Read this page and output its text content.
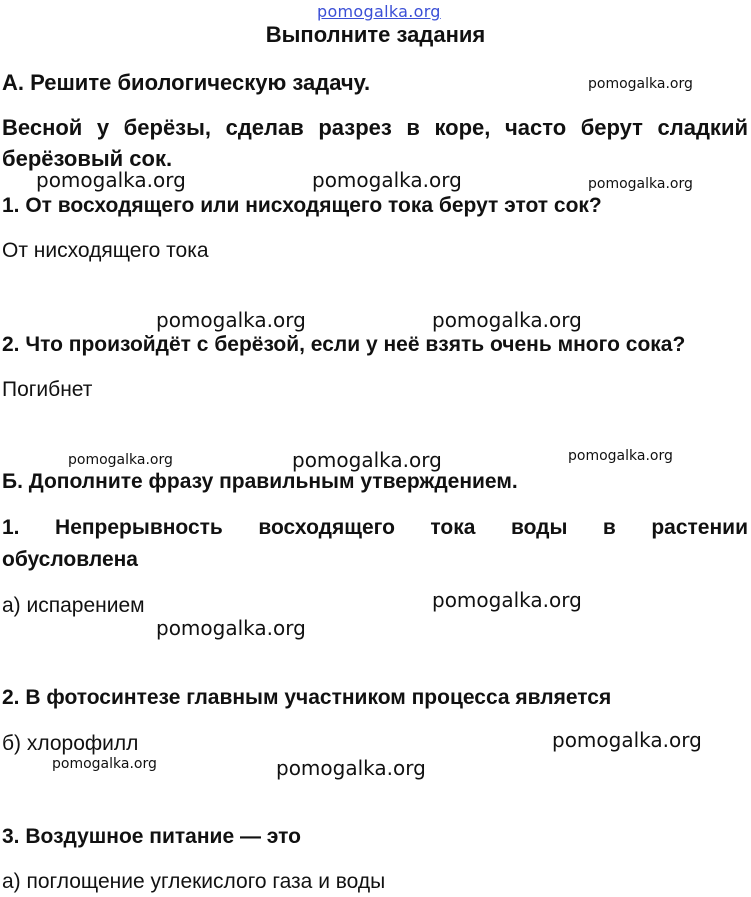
pomogalka.org
pomogalka.org
pomogalka.org	pomogalka.org	pomogalka.org
pomogalka.org	pomogalka.org
pomogalka.org	pomogalka.org	pomogalka.org
pomogalka.org
pomogalka.org
pomogalka.org
pomogalka.org	pomogalka.org
Выполните задания
А. Решите биологическую задачу.
Весной у берёзы, сделав разрез в коре, часто берут сладкий
берёзовый сок.
1. От восходящего или нисходящего тока берут этот сок?
От нисходящего тока
2. Что произойдёт с берёзой, если у неё взять очень много сока?
Погибнет
Б. Дополните фразу правильным утверждением.
1. Непрерывность восходящего тока воды в растении
обусловлена
а) испарением
2. В фотосинтезе главным участником процесса является
б) хлорофилл
3. Воздушное питание — это
а) поглощение углекислого газа и воды
